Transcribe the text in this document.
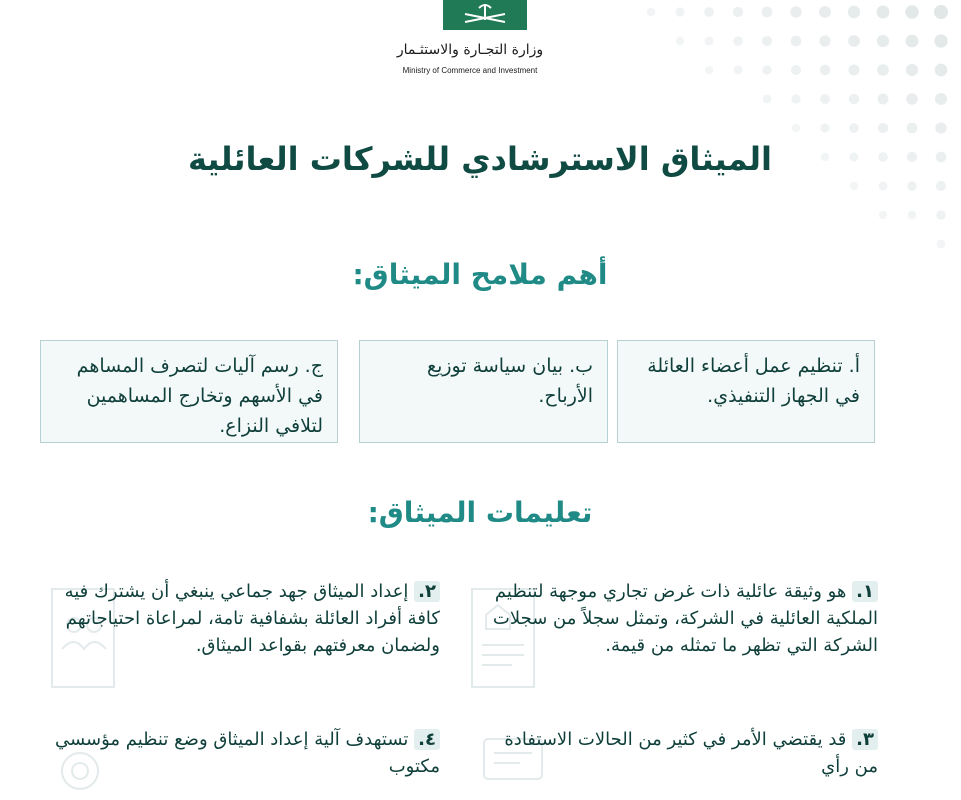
وزارة التجـارة والاستثـمار
Ministry of Commerce and Investment
الميثاق الاسترشادي للشركات العائلية
أهم ملامح الميثاق:
أ. تنظيم عمل أعضاء العائلة في الجهاز التنفيذي.
ب. بيان سياسة توزيع الأرباح.
ج. رسم آليات لتصرف المساهم في الأسهم وتخارج المساهمين لتلافي النزاع.
تعليمات الميثاق:
١. هو وثيقة عائلية ذات غرض تجاري موجهة لتنظيم الملكية العائلية في الشركة، وتمثل سجلاً من سجلات الشركة التي تظهر ما تمثله من قيمة.
٢. إعداد الميثاق جهد جماعي ينبغي أن يشترك فيه كافة أفراد العائلة بشفافية تامة، لمراعاة احتياجاتهم ولضمان معرفتهم بقواعد الميثاق.
٣. قد يقتضي الأمر في كثير من الحالات الاستفادة من رأي
٤. تستهدف آلية إعداد الميثاق وضع تنظيم مؤسسي مكتوب
